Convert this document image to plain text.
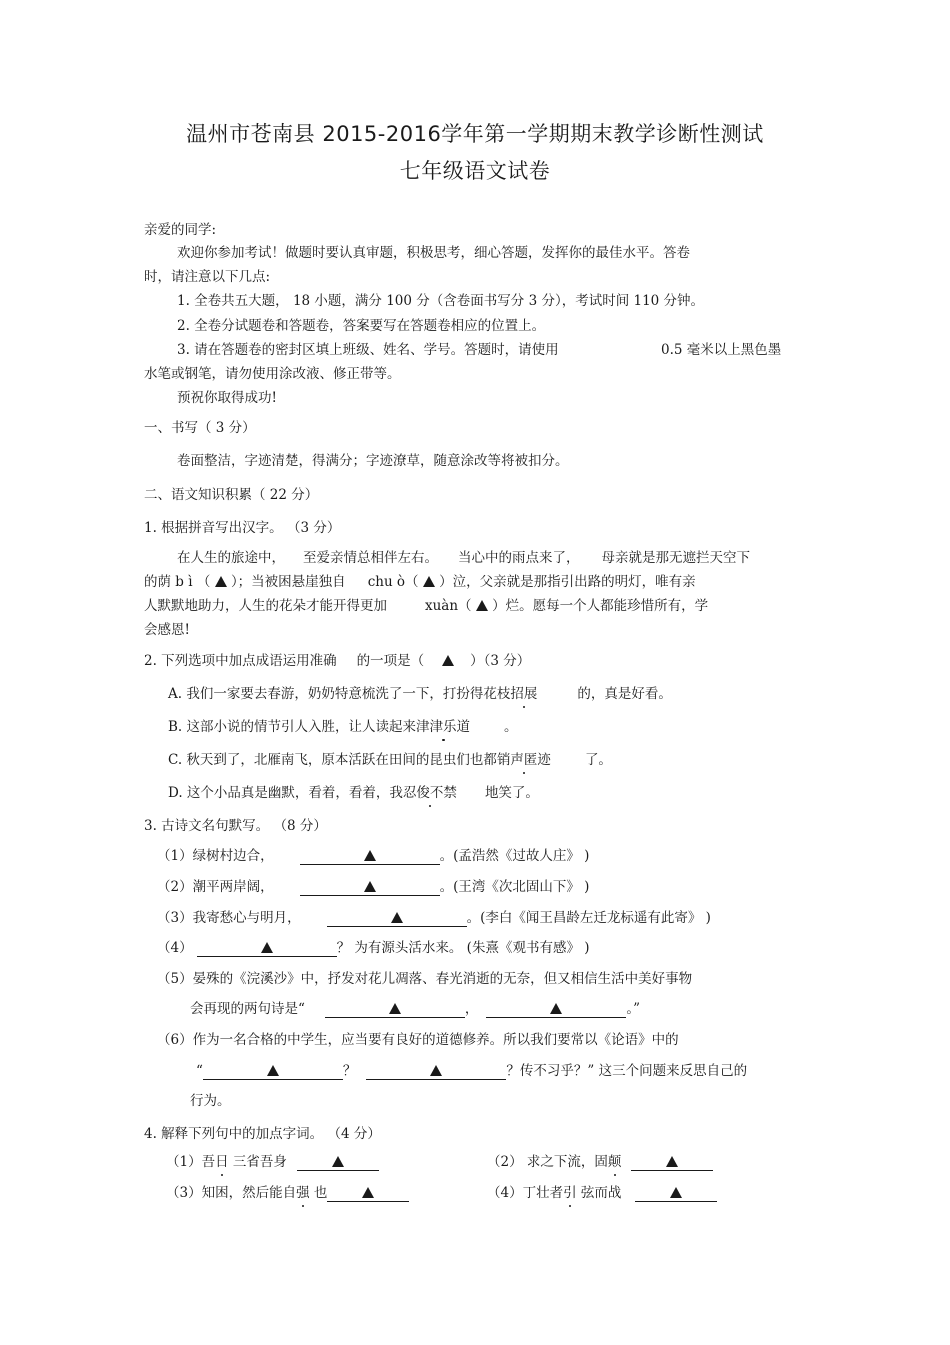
温州市苍南县 2015-2016学年第一学期期末教学诊断性测试
七年级语文试卷
亲爱的同学:
欢迎你参加考试！做题时要认真审题，积极思考，细心答题，发挥你的最佳水平。答卷
时，请注意以下几点:
1. 全卷共五大题， 18 小题，满分 100 分（含卷面书写分 3 分），考试时间 110 分钟。
2. 全卷分试题卷和答题卷，答案要写在答题卷相应的位置上。
3. 请在答题卷的密封区填上班级、姓名、学号。答题时，请使用	0.5 毫米以上黑色墨
水笔或钢笔，请勿使用涂改液、修正带等。
预祝你取得成功!
一、书写（ 3 分）
卷面整洁，字迹清楚，得满分；字迹潦草，随意涂改等将被扣分。
二、语文知识积累（ 22 分）
1. 根据拼音写出汉字。 （3 分）
在人生的旅途中， 至爱亲情总相伴左右。 当心中的雨点来了， 母亲就是那无遮拦天空下
的荫 b ì （ ）；当被困悬崖独自 chu ò（ ）泣，父亲就是那指引出路的明灯，唯有亲
人默默地助力，人生的花朵才能开得更加	xuàn（ ）烂。愿每一个人都能珍惜所有，学
会感恩!
2. 下列选项中加点成语运用准确 的一项是（	）（3 分）
A. 我们一家要去春游，奶奶特意梳洗了一下，打扮得花枝招展	的，真是好看。
B. 这部小说的情节引人入胜，让人读起来津津乐道	。
C. 秋天到了，北雁南飞，原本活跃在田间的昆虫们也都销声匿迹	了。
D. 这个小品真是幽默，看着，看着，我忍俊不禁 地笑了。
3. 古诗文名句默写。 （8 分）
（1）绿树村边合，	。(孟浩然《过故人庄》 )
（2）潮平两岸阔，	。(王湾《次北固山下》 )
（3）我寄愁心与明月，	。(李白《闻王昌龄左迁龙标遥有此寄》 )
（4）	？ 为有源头活水来。 (朱熹《观书有感》 )
（5）晏殊的《浣溪沙》中，抒发对花儿凋落、春光消逝的无奈，但又相信生活中美好事物
会再现的两句诗是“	，	。”
（6）作为一名合格的中学生，应当要有良好的道德修养。所以我们要常以《论语》中的
“	？	？传不习乎？” 这三个问题来反思自己的
行为。
4. 解释下列句中的加点字词。 （4 分）
（1）吾日 三省吾身	（2） 求之下流，固颠
（3）知困，然后能自强 也	（4）丁壮者引 弦而战
